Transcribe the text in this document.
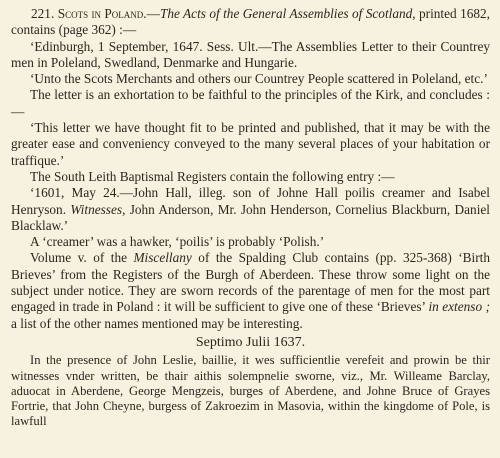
221. Scots in Poland.—The Acts of the General Assemblies of Scotland, printed 1682, contains (page 362) :—

‘Edinburgh, 1 September, 1647. Sess. Ult.—The Assemblies Letter to their Countrey men in Poleland, Swedland, Denmarke and Hungarie.

‘Unto the Scots Merchants and others our Countrey People scattered in Poleland, etc.’

The letter is an exhortation to be faithful to the principles of the Kirk, and concludes :—

‘This letter we have thought fit to be printed and published, that it may be with the greater ease and conveniency conveyed to the many several places of your habitation or traffique.’

The South Leith Baptismal Registers contain the following entry :—

‘1601, May 24.—John Hall, illeg. son of Johne Hall poilis creamer and Isabel Henryson. Witnesses, John Anderson, Mr. John Henderson, Cornelius Blackburn, Daniel Blacklaw.’

A ‘creamer’ was a hawker, ‘poilis’ is probably ‘Polish.’

Volume v. of the Miscellany of the Spalding Club contains (pp. 325-368) ‘Birth Brieves’ from the Registers of the Burgh of Aberdeen. These throw some light on the subject under notice. They are sworn records of the parentage of men for the most part engaged in trade in Poland : it will be sufficient to give one of these ‘Brieves’ in extenso ; a list of the other names mentioned may be interesting.

Septimo Julii 1637.

In the presence of John Leslie, baillie, it wes sufficientlie verefeit and prowin be thir witnesses vnder written, be thair aithis solempnelie sworne, viz., Mr. Willeame Barclay, aduocat in Aberdene, George Mengzeis, burges of Aberdene, and Johne Bruce of Grayes Fortrie, that John Cheyne, burgess of Zakroezim in Masovia, within the kingdome of Pole, is lawfull
